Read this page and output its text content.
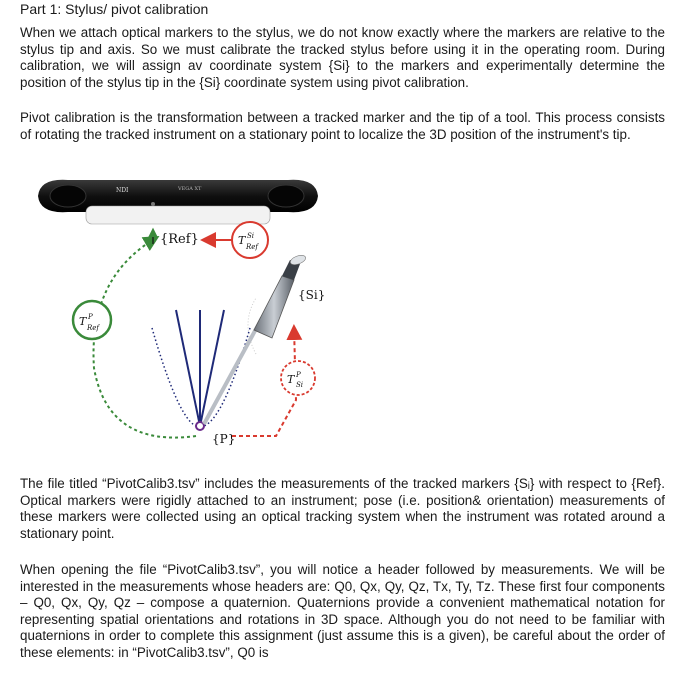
Part 1: Stylus/ pivot calibration

When we attach optical markers to the stylus, we do not know exactly where the markers are relative to the stylus tip and axis. So we must calibrate the tracked stylus before using it in the operating room. During calibration, we will assign av coordinate system {Si} to the markers and experimentally determine the position of the stylus tip in the {Si} coordinate system using pivot calibration.

Pivot calibration is the transformation between a tracked marker and the tip of a tool. This process consists of rotating the tracked instrument on a stationary point to localize the 3D position of the instrument's tip.

NDI	VEGA XT
{Ref}
{Si}
{P}
T Si
Ref
T P
Ref
T P
Si

The file titled “PivotCalib3.tsv” includes the measurements of the tracked markers {Sᵢ} with respect to {Ref}. Optical markers were rigidly attached to an instrument; pose (i.e. position& orientation) measurements of these markers were collected using an optical tracking system when the instrument was rotated around a stationary point.

When opening the file “PivotCalib3.tsv”, you will notice a header followed by measurements. We will be interested in the measurements whose headers are: Q0, Qx, Qy, Qz, Tx, Ty, Tz. These first four components – Q0, Qx, Qy, Qz – compose a quaternion. Quaternions provide a convenient mathematical notation for representing spatial orientations and rotations in 3D space. Although you do not need to be familiar with quaternions in order to complete this assignment (just assume this is a given), be careful about the order of these elements: in “PivotCalib3.tsv”, Q0 is
